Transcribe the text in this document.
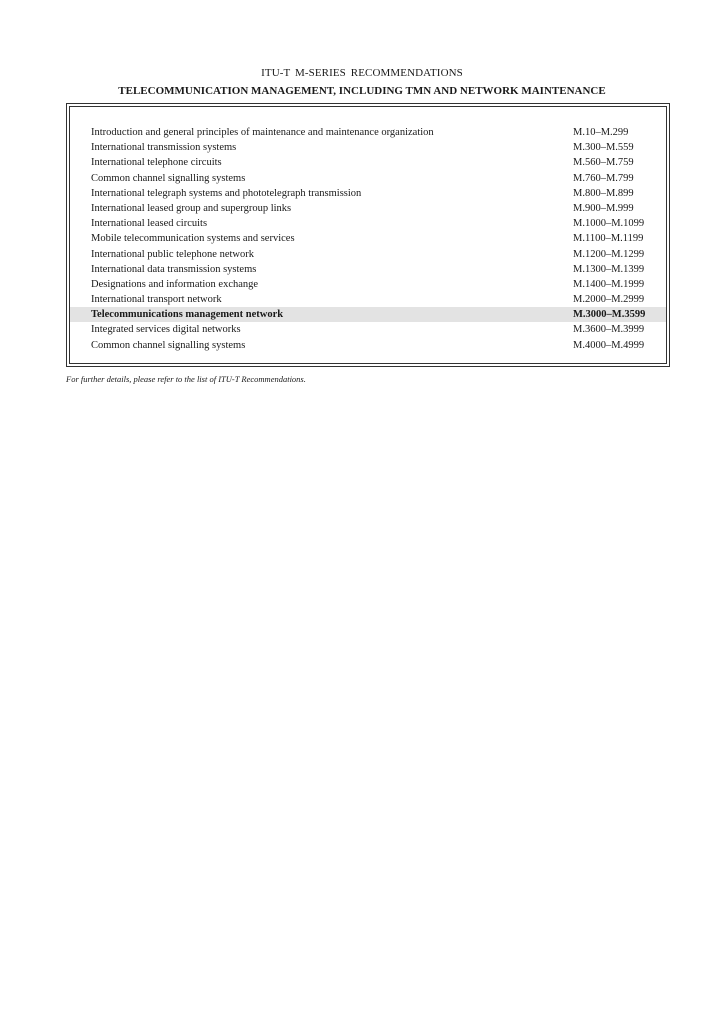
ITU-T M-SERIES RECOMMENDATIONS
TELECOMMUNICATION MANAGEMENT, INCLUDING TMN AND NETWORK MAINTENANCE
Introduction and general principles of maintenance and maintenance organization	M.10–M.299
International transmission systems	M.300–M.559
International telephone circuits	M.560–M.759
Common channel signalling systems	M.760–M.799
International telegraph systems and phototelegraph transmission	M.800–M.899
International leased group and supergroup links	M.900–M.999
International leased circuits	M.1000–M.1099
Mobile telecommunication systems and services	M.1100–M.1199
International public telephone network	M.1200–M.1299
International data transmission systems	M.1300–M.1399
Designations and information exchange	M.1400–M.1999
International transport network	M.2000–M.2999
Telecommunications management network	M.3000–M.3599
Integrated services digital networks	M.3600–M.3999
Common channel signalling systems	M.4000–M.4999
For further details, please refer to the list of ITU-T Recommendations.
